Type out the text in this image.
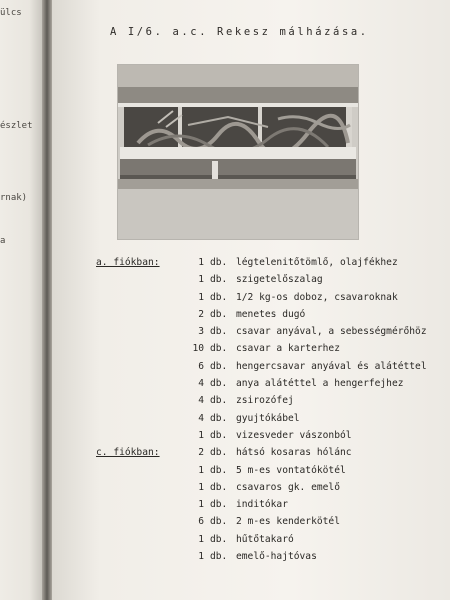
ülcs
észlet
rnak)
a
A I/6. a.c. Rekesz málházása.
a. fiókban:	1 db. légtelenitőtömlő, olajfékhez
1 db. szigetelőszalag
1 db. 1/2 kg-os doboz, csavaroknak
2 db. menetes dugó
3 db. csavar anyával, a sebességmérőhöz
10 db. csavar a karterhez
6 db. hengercsavar anyával és alátéttel
4 db. anya alátéttel a hengerfejhez
4 db. zsirozófej
4 db. gyujtókábel
1 db. vizesveder vászonból
c. fiókban:	2 db. hátsó kosaras hólánc
1 db. 5 m-es vontatókötél
1 db. csavaros gk. emelő
1 db. inditókar
6 db. 2 m-es kenderkötél
1 db. hűtőtakaró
1 db. emelő-hajtóvas
